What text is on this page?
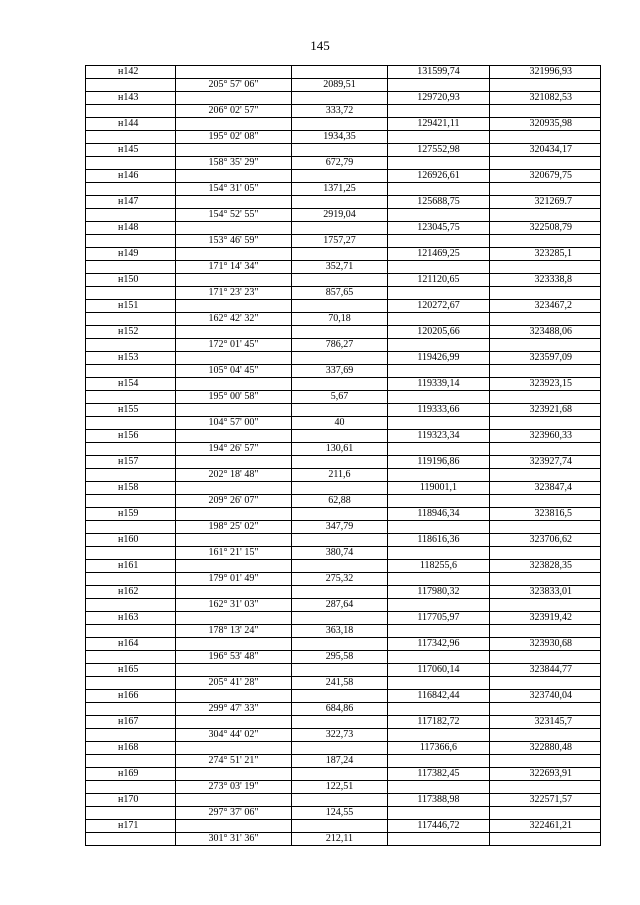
145
н142			131599,74	321996,93
	205° 57' 06"	2089,51		
н143			129720,93	321082,53
	206° 02' 57"	333,72		
н144			129421,11	320935,98
	195° 02' 08"	1934,35		
н145			127552,98	320434,17
	158° 35' 29"	672,79		
н146			126926,61	320679,75
	154° 31' 05"	1371,25		
н147			125688,75	321269.7
	154° 52' 55"	2919,04		
н148			123045,75	322508,79
	153° 46' 59"	1757,27		
н149			121469,25	323285,1
	171° 14' 34"	352,71		
н150			121120,65	323338,8
	171° 23' 23"	857,65		
н151			120272,67	323467,2
	162° 42' 32"	70,18		
н152			120205,66	323488,06
	172° 01' 45"	786,27		
н153			119426,99	323597,09
	105° 04' 45"	337,69		
н154			119339,14	323923,15
	195° 00' 58"	5,67		
н155			119333,66	323921,68
	104° 57' 00"	40		
н156			119323,34	323960,33
	194° 26' 57"	130,61		
н157			119196,86	323927,74
	202° 18' 48"	211,6		
н158			119001,1	323847,4
	209° 26' 07"	62,88		
н159			118946,34	323816,5
	198° 25' 02"	347,79		
н160			118616,36	323706,62
	161° 21' 15"	380,74		
н161			118255,6	323828,35
	179° 01' 49"	275,32		
н162			117980,32	323833,01
	162° 31' 03"	287,64		
н163			117705,97	323919,42
	178° 13' 24"	363,18		
н164			117342,96	323930,68
	196° 53' 48"	295,58		
н165			117060,14	323844,77
	205° 41' 28"	241,58		
н166			116842,44	323740,04
	299° 47' 33"	684,86		
н167			117182,72	323145,7
	304° 44' 02"	322,73		
н168			117366,6	322880,48
	274° 51' 21"	187,24		
н169			117382,45	322693,91
	273° 03' 19"	122,51		
н170			117388,98	322571,57
	297° 37' 06"	124,55		
н171			117446,72	322461,21
	301° 31' 36"	212,11		
